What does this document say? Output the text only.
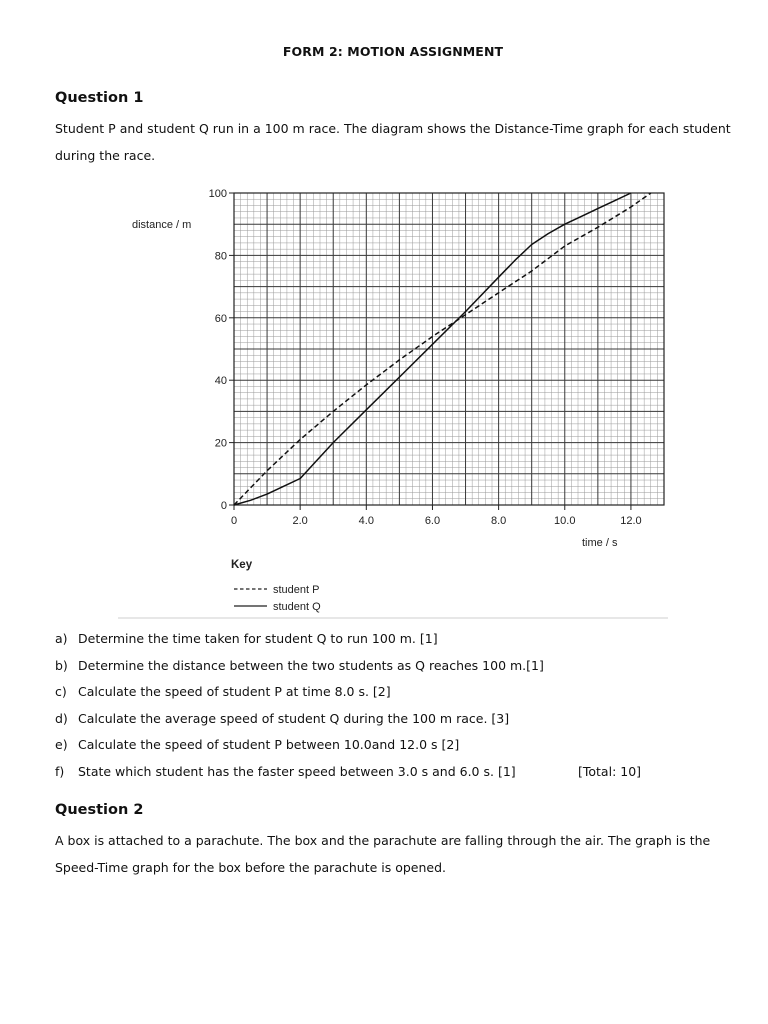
FORM 2: MOTION ASSIGNMENT
Question 1
Student P and student Q run in a 100 m race. The diagram shows the Distance-Time graph for each student
during the race.
0	2.0	4.0	6.0	8.0	10.0	12.0
0
20
40
60
80
100
distance / m
time / s
Key
student P
student Q
a) Determine the time taken for student Q to run 100 m. [1]
b) Determine the distance between the two students as Q reaches 100 m.[1]
c)Calculate the speed of student P at time 8.0 s. [2]
d) Calculate the average speed of student Q during the 100 m race. [3]
e)Calculate the speed of student P between 10.0and 12.0 s [2]
f)State which student has the faster speed between 3.0 s and 6.0 s. [1]	[Total: 10]
Question 2
A box is attached to a parachute. The box and the parachute are falling through the air. The graph is the
Speed-Time graph for the box before the parachute is opened.
